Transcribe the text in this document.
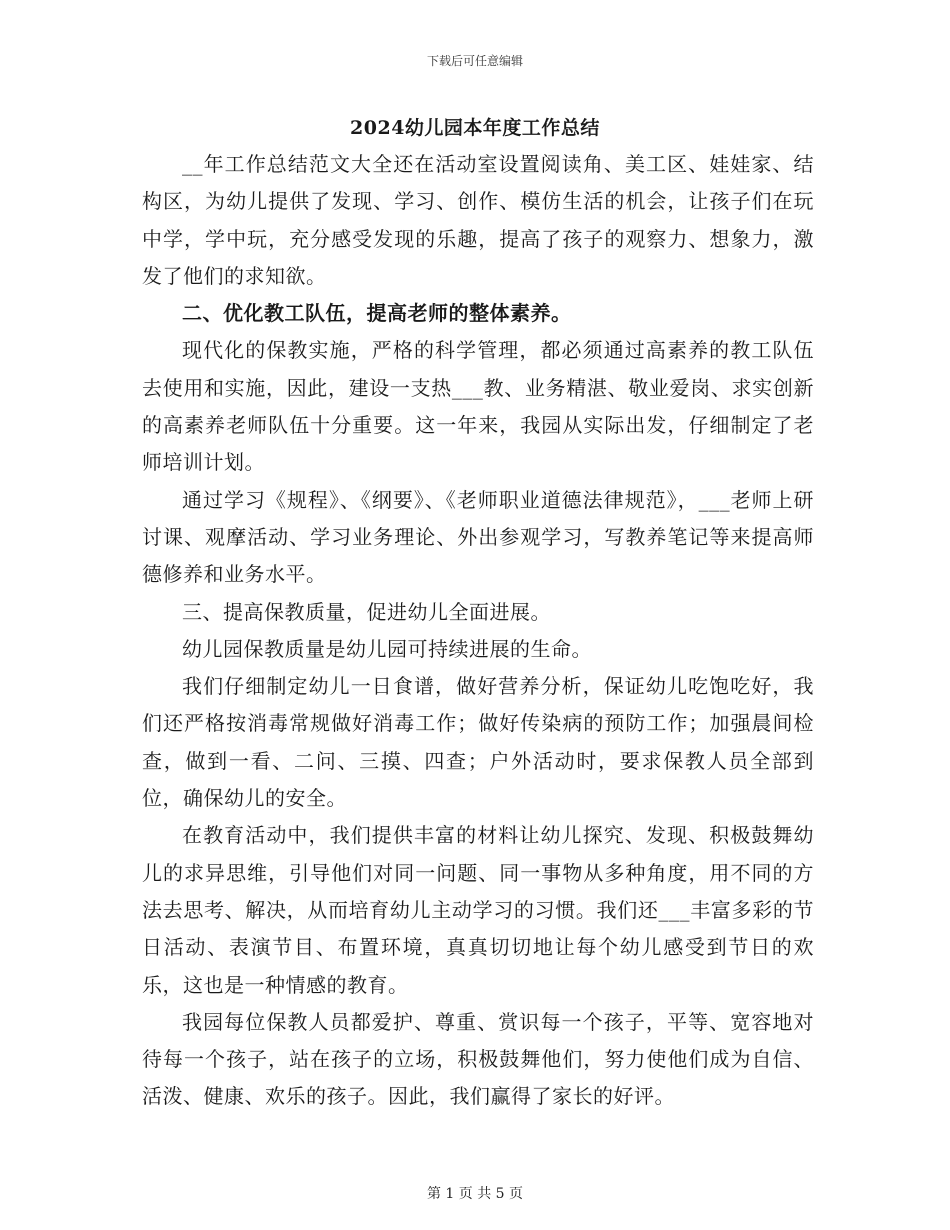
下载后可任意编辑
2024幼儿园本年度工作总结

__年工作总结范文大全还在活动室设置阅读角、美工区、娃娃家、结构区，为幼儿提供了发现、学习、创作、模仿生活的机会，让孩子们在玩中学，学中玩，充分感受发现的乐趣，提高了孩子的观察力、想象力，激发了他们的求知欲。

二、优化教工队伍，提高老师的整体素养。

现代化的保教实施，严格的科学管理，都必须通过高素养的教工队伍去使用和实施，因此，建设一支热___教、业务精湛、敬业爱岗、求实创新的高素养老师队伍十分重要。这一年来，我园从实际出发，仔细制定了老师培训计划。

通过学习《规程》、《纲要》、《老师职业道德法律规范》，___老师上研讨课、观摩活动、学习业务理论、外出参观学习，写教养笔记等来提高师德修养和业务水平。

三、提高保教质量，促进幼儿全面进展。

幼儿园保教质量是幼儿园可持续进展的生命。

我们仔细制定幼儿一日食谱，做好营养分析，保证幼儿吃饱吃好，我们还严格按消毒常规做好消毒工作；做好传染病的预防工作；加强晨间检查，做到一看、二问、三摸、四查；户外活动时，要求保教人员全部到位，确保幼儿的安全。

在教育活动中，我们提供丰富的材料让幼儿探究、发现、积极鼓舞幼儿的求异思维，引导他们对同一问题、同一事物从多种角度，用不同的方法去思考、解决，从而培育幼儿主动学习的习惯。我们还___丰富多彩的节日活动、表演节目、布置环境，真真切切地让每个幼儿感受到节日的欢乐，这也是一种情感的教育。

我园每位保教人员都爱护、尊重、赏识每一个孩子，平等、宽容地对待每一个孩子，站在孩子的立场，积极鼓舞他们，努力使他们成为自信、活泼、健康、欢乐的孩子。因此，我们赢得了家长的好评。

第 1 页 共 5 页
